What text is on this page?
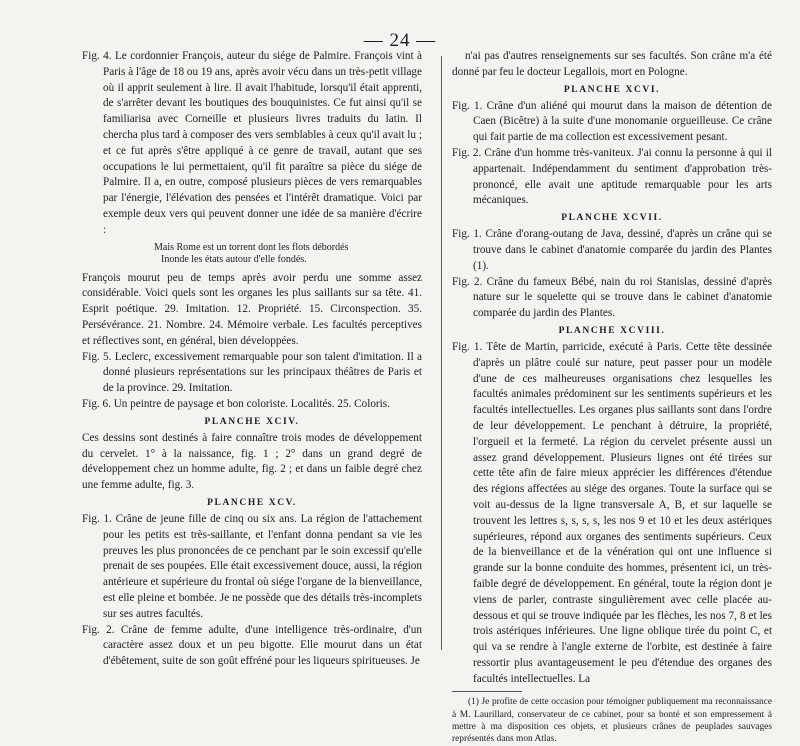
— 24 —

Fig. 4. Le cordonnier François, auteur du siége de Palmire. François vint à Paris à l'âge de 18 ou 19 ans, après avoir vécu dans un très-petit village où il apprit seulement à lire. Il avait l'habitude, lorsqu'il était apprenti, de s'arrêter devant les boutiques des bouquinistes. Ce fut ainsi qu'il se familiarisa avec Corneille et plusieurs livres traduits du latin. Il chercha plus tard à composer des vers semblables à ceux qu'il avait lu ; et ce fut après s'être appliqué à ce genre de travail, autant que ses occupations le lui permettaient, qu'il fit paraître sa pièce du siége de Palmire. Il a, en outre, composé plusieurs pièces de vers remarquables par l'énergie, l'élévation des pensées et l'intérêt dramatique. Voici par exemple deux vers qui peuvent donner une idée de sa manière d'écrire :

Mais Rome est un torrent dont les flots débordés
Inonde les états autour d'elle fondés.

François mourut peu de temps après avoir perdu une somme assez considérable. Voici quels sont les organes les plus saillants sur sa tête. 41. Esprit poétique. 29. Imitation. 12. Propriété. 15. Circonspection. 35. Persévérance. 21. Nombre. 24. Mémoire verbale. Les facultés perceptives et réflectives sont, en général, bien développées.

Fig. 5. Leclerc, excessivement remarquable pour son talent d'imitation. Il a donné plusieurs représentations sur les principaux théâtres de Paris et de la province. 29. Imitation.

Fig. 6. Un peintre de paysage et bon coloriste. Localités. 25. Coloris.

PLANCHE XCIV.

Ces dessins sont destinés à faire connaître trois modes de développement du cervelet. 1° à la naissance, fig. 1 ; 2° dans un grand degré de développement chez un homme adulte, fig. 2 ; et dans un faible degré chez une femme adulte, fig. 3.

PLANCHE XCV.

Fig. 1. Crâne de jeune fille de cinq ou six ans. La région de l'attachement pour les petits est très-saillante, et l'enfant donna pendant sa vie les preuves les plus prononcées de ce penchant par le soin excessif qu'elle prenait de ses poupées. Elle était excessivement douce, aussi, la région antérieure et supérieure du frontal où siége l'organe de la bienveillance, est elle pleine et bombée. Je ne possède que des détails très-incomplets sur ses autres facultés.

Fig. 2. Crâne de femme adulte, d'une intelligence très-ordinaire, d'un caractère assez doux et un peu bigotte. Elle mourut dans un état d'ébêtement, suite de son goût effréné pour les liqueurs spiritueuses. Je

n'ai pas d'autres renseignements sur ses facultés. Son crâne m'a été donné par feu le docteur Legallois, mort en Pologne.

PLANCHE XCVI.

Fig. 1. Crâne d'un aliéné qui mourut dans la maison de détention de Caen (Bicêtre) à la suite d'une monomanie orgueilleuse. Ce crâne qui fait partie de ma collection est excessivement pesant.

Fig. 2. Crâne d'un homme très-vaniteux. J'ai connu la personne à qui il appartenait. Indépendamment du sentiment d'approbation très-prononcé, elle avait une aptitude remarquable pour les arts mécaniques.

PLANCHE XCVII.

Fig. 1. Crâne d'orang-outang de Java, dessiné, d'après un crâne qui se trouve dans le cabinet d'anatomie comparée du jardin des Plantes (1).

Fig. 2. Crâne du fameux Bébé, nain du roi Stanislas, dessiné d'après nature sur le squelette qui se trouve dans le cabinet d'anatomie comparée du jardin des Plantes.

PLANCHE XCVIII.

Fig. 1. Tête de Martin, parricide, exécuté à Paris. Cette tête dessinée d'après un plâtre coulé sur nature, peut passer pour un modèle d'une de ces malheureuses organisations chez lesquelles les facultés animales prédominent sur les sentiments supérieurs et les facultés intellectuelles. Les organes plus saillants sont dans l'ordre de leur développement. Le penchant à détruire, la propriété, l'orgueil et la fermeté. La région du cervelet présente aussi un assez grand développement. Plusieurs lignes ont été tirées sur cette tête afin de faire mieux apprécier les différences d'étendue des régions affectées au siége des organes. Toute la surface qui se voit au-dessus de la ligne transversale A, B, et sur laquelle se trouvent les lettres s, s, s, s, les nos 9 et 10 et les deux astériques supérieures, répond aux organes des sentiments supérieurs. Ceux de la bienveillance et de la vénération qui ont une influence si grande sur la bonne conduite des hommes, présentent ici, un très-faible degré de développement. En général, toute la région dont je viens de parler, contraste singulièrement avec celle placée au-dessous et qui se trouve indiquée par les flèches, les nos 7, 8 et les trois astériques inférieures. Une ligne oblique tirée du point C, et qui va se rendre à l'angle externe de l'orbite, est destinée à faire ressortir plus avantageusement le peu d'étendue des organes des facultés intellectuelles. La

(1) Je profite de cette occasion pour témoigner publiquement ma reconnaissance à M. Laurillard, conservateur de ce cabinet, pour sa bonté et son empressement à mettre à ma disposition ces objets, et plusieurs crânes de peuplades sauvages représentés dans mon Atlas.
